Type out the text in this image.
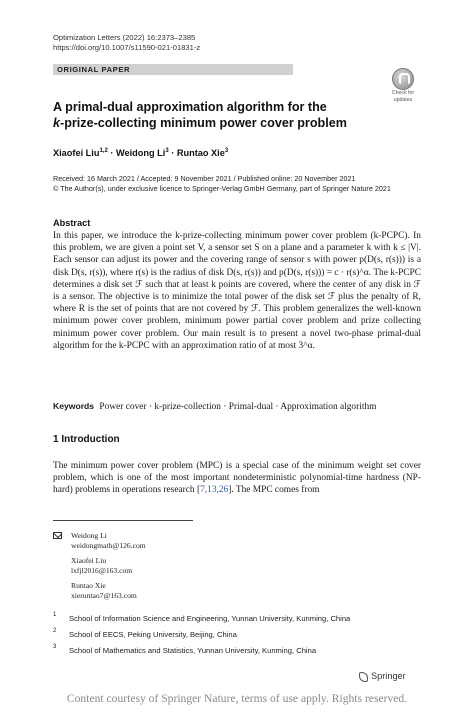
Optimization Letters (2022) 16:2373–2385
https://doi.org/10.1007/s11590-021-01831-z
ORIGINAL PAPER
Check for
updates
A primal-dual approximation algorithm for the
k-prize-collecting minimum power cover problem
Xiaofei Liu$^{1,2}$ · Weidong $Li^3$ · Runtao Xie$^3$
Received: 16 March 2021 / Accepted: 9 November 2021 / Published online: 20 November 2021
© The Author(s), under exclusive licence to Springer-Verlag GmbH Germany, part of Springer Nature 2021
Abstract
In this paper, we introduce the k-prize-collecting minimum power cover problem (k-PCPC). In this problem, we are given a point set V, a sensor set S on a plane and a parameter k with k ≤ |V|. Each sensor can adjust its power and the covering range of sensor s with power p(D(s, r(s))) is a disk D(s, r(s)), where r(s) is the radius of disk D(s, r(s)) and p(D(s, r(s))) = c · r(s)^α. The k-PCPC determines a disk set ℱ such that at least k points are covered, where the center of any disk in ℱ is a sensor. The objective is to minimize the total power of the disk set ℱ plus the penalty of R, where R is the set of points that are not covered by ℱ. This problem generalizes the well-known minimum power cover problem, minimum power partial cover problem and prize collecting minimum power cover problem. Our main result is to present a novel two-phase primal-dual algorithm for the k-PCPC with an approximation ratio of at most 3^α.
Keywords Power cover · k-prize-collection · Primal-dual · Approximation algorithm
1 Introduction
The minimum power cover problem (MPC) is a special case of the minimum weight set cover problem, which is one of the most important nondeterministic polynomial-time hardness (NP-hard) problems in operations research [7,13,26]. The MPC comes from
Weidong Li
weidongmath@126.com
Xiaofei Liu
lxfjl2016@163.com
Runtao Xie
xieruntao7@163.com
1 School of Information Science and Engineering, Yunnan University, Kunming, China
2 School of EECS, Peking University, Beijing, China
3 School of Mathematics and Statistics, Yunnan University, Kunming, China
Springer
Content courtesy of Springer Nature, terms of use apply. Rights reserved.
